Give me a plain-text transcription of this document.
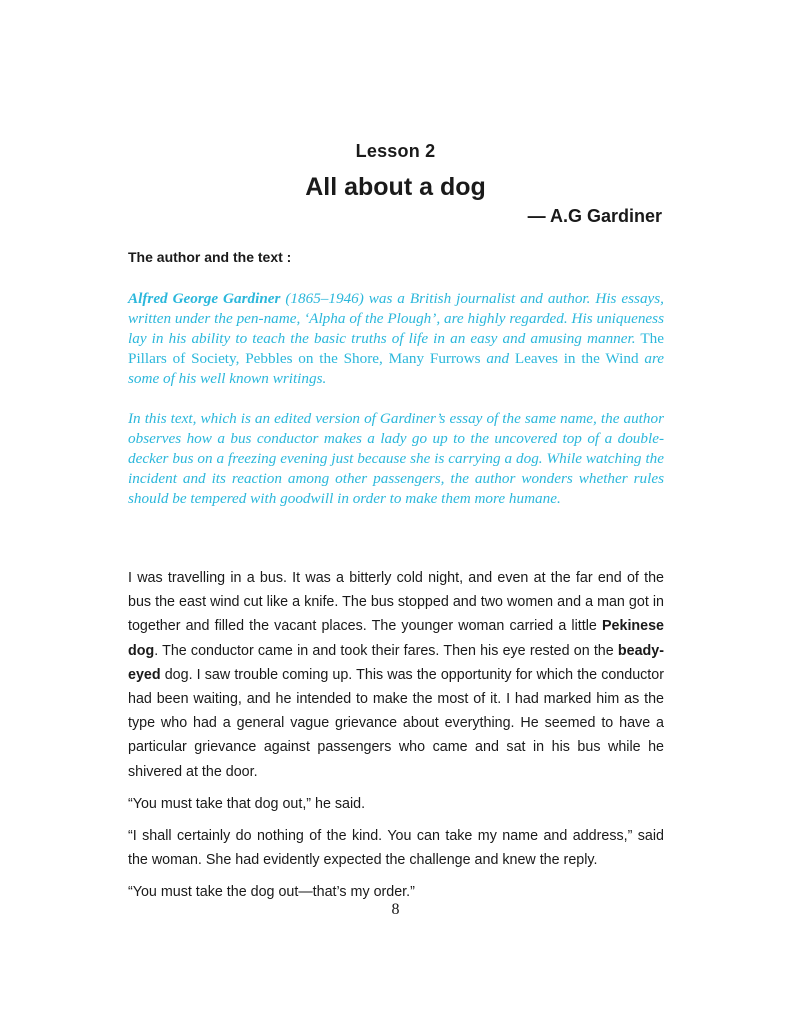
Lesson 2
All about a dog
— A.G Gardiner
The author and the text :

Alfred George Gardiner (1865–1946) was a British journalist and author. His essays, written under the pen-name, ‘Alpha of the Plough’, are highly regarded. His uniqueness lay in his ability to teach the basic truths of life in an easy and amusing manner. The Pillars of Society, Pebbles on the Shore, Many Furrows and Leaves in the Wind are some of his well known writings.

In this text, which is an edited version of Gardiner’s essay of the same name, the author observes how a bus conductor makes a lady go up to the uncovered top of a double-decker bus on a freezing evening just because she is carrying a dog. While watching the incident and its reaction among other passengers, the author wonders whether rules should be tempered with goodwill in order to make them more humane.

I was travelling in a bus. It was a bitterly cold night, and even at the far end of the bus the east wind cut like a knife. The bus stopped and two women and a man got in together and filled the vacant places. The younger woman carried a little Pekinese dog. The conductor came in and took their fares. Then his eye rested on the beady-eyed dog. I saw trouble coming up. This was the opportunity for which the conductor had been waiting, and he intended to make the most of it. I had marked him as the type who had a general vague grievance about everything. He seemed to have a particular grievance against passengers who came and sat in his bus while he shivered at the door.

“You must take that dog out,” he said.

“I shall certainly do nothing of the kind. You can take my name and address,” said the woman. She had evidently expected the challenge and knew the reply.

“You must take the dog out—that’s my order.”

8
